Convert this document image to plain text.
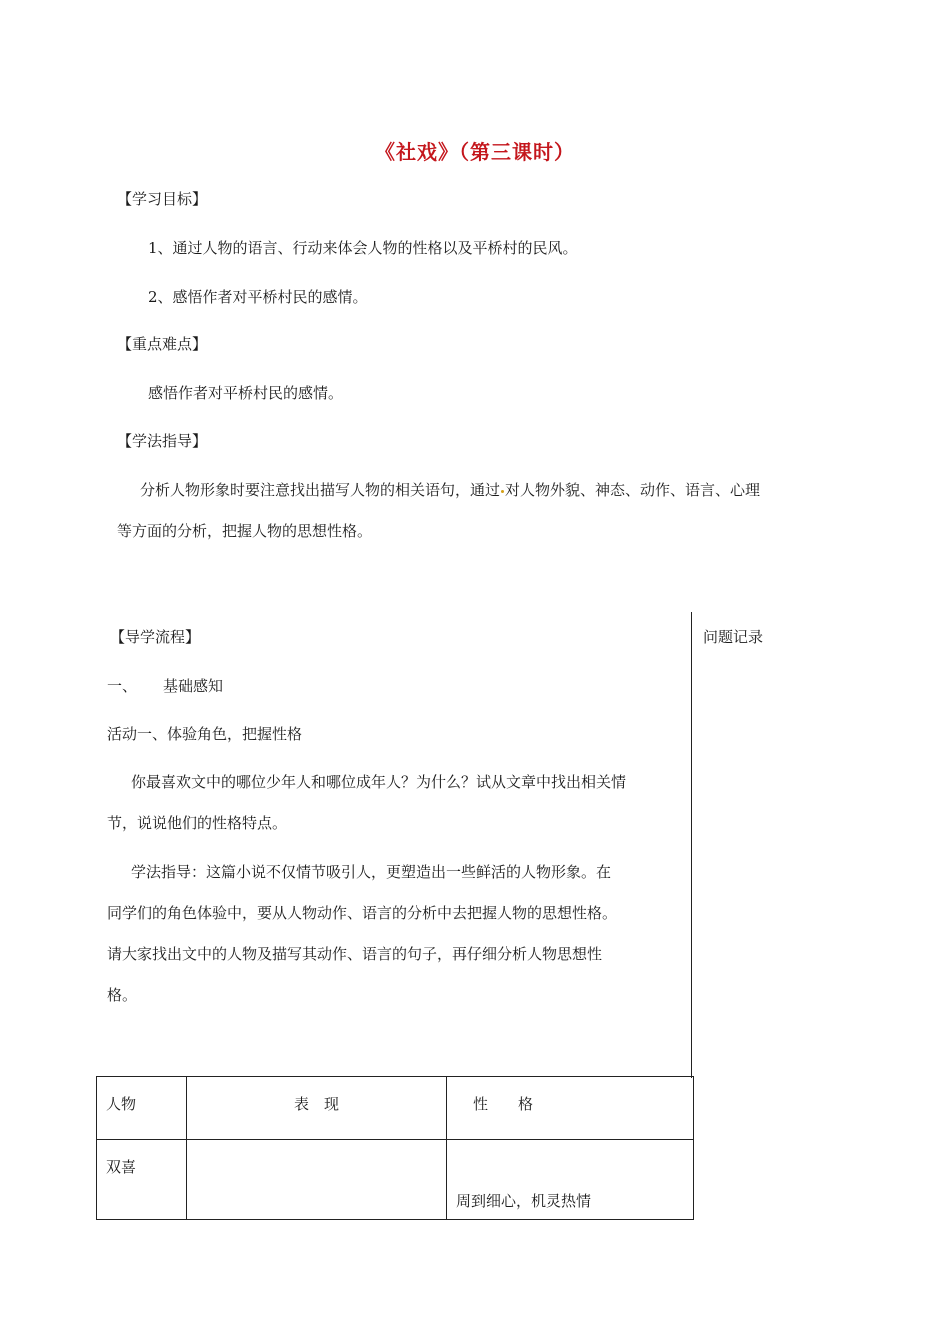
《社戏》（第三课时）
【学习目标】
1、通过人物的语言、行动来体会人物的性格以及平桥村的民风。
2、感悟作者对平桥村民的感情。
【重点难点】
感悟作者对平桥村民的感情。
【学法指导】
分析人物形象时要注意找出描写人物的相关语句，通过 对人物外貌、神态、动作、语言、心理
等方面的分析，把握人物的思想性格。
【导学流程】	问题记录
一、 基础感知
活动一、体验角色，把握性格
你最喜欢文中的哪位少年人和哪位成年人？为什么？试从文章中找出相关情
节，说说他们的性格特点。
学法指导：这篇小说不仅情节吸引人，更塑造出一些鲜活的人物形象。在
同学们的角色体验中，要从人物动作、语言的分析中去把握人物的思想性格。
请大家找出文中的人物及描写其动作、语言的句子，再仔细分析人物思想性
格。
人物	表　现	性　　格

双喜		周到细心，机灵热情
